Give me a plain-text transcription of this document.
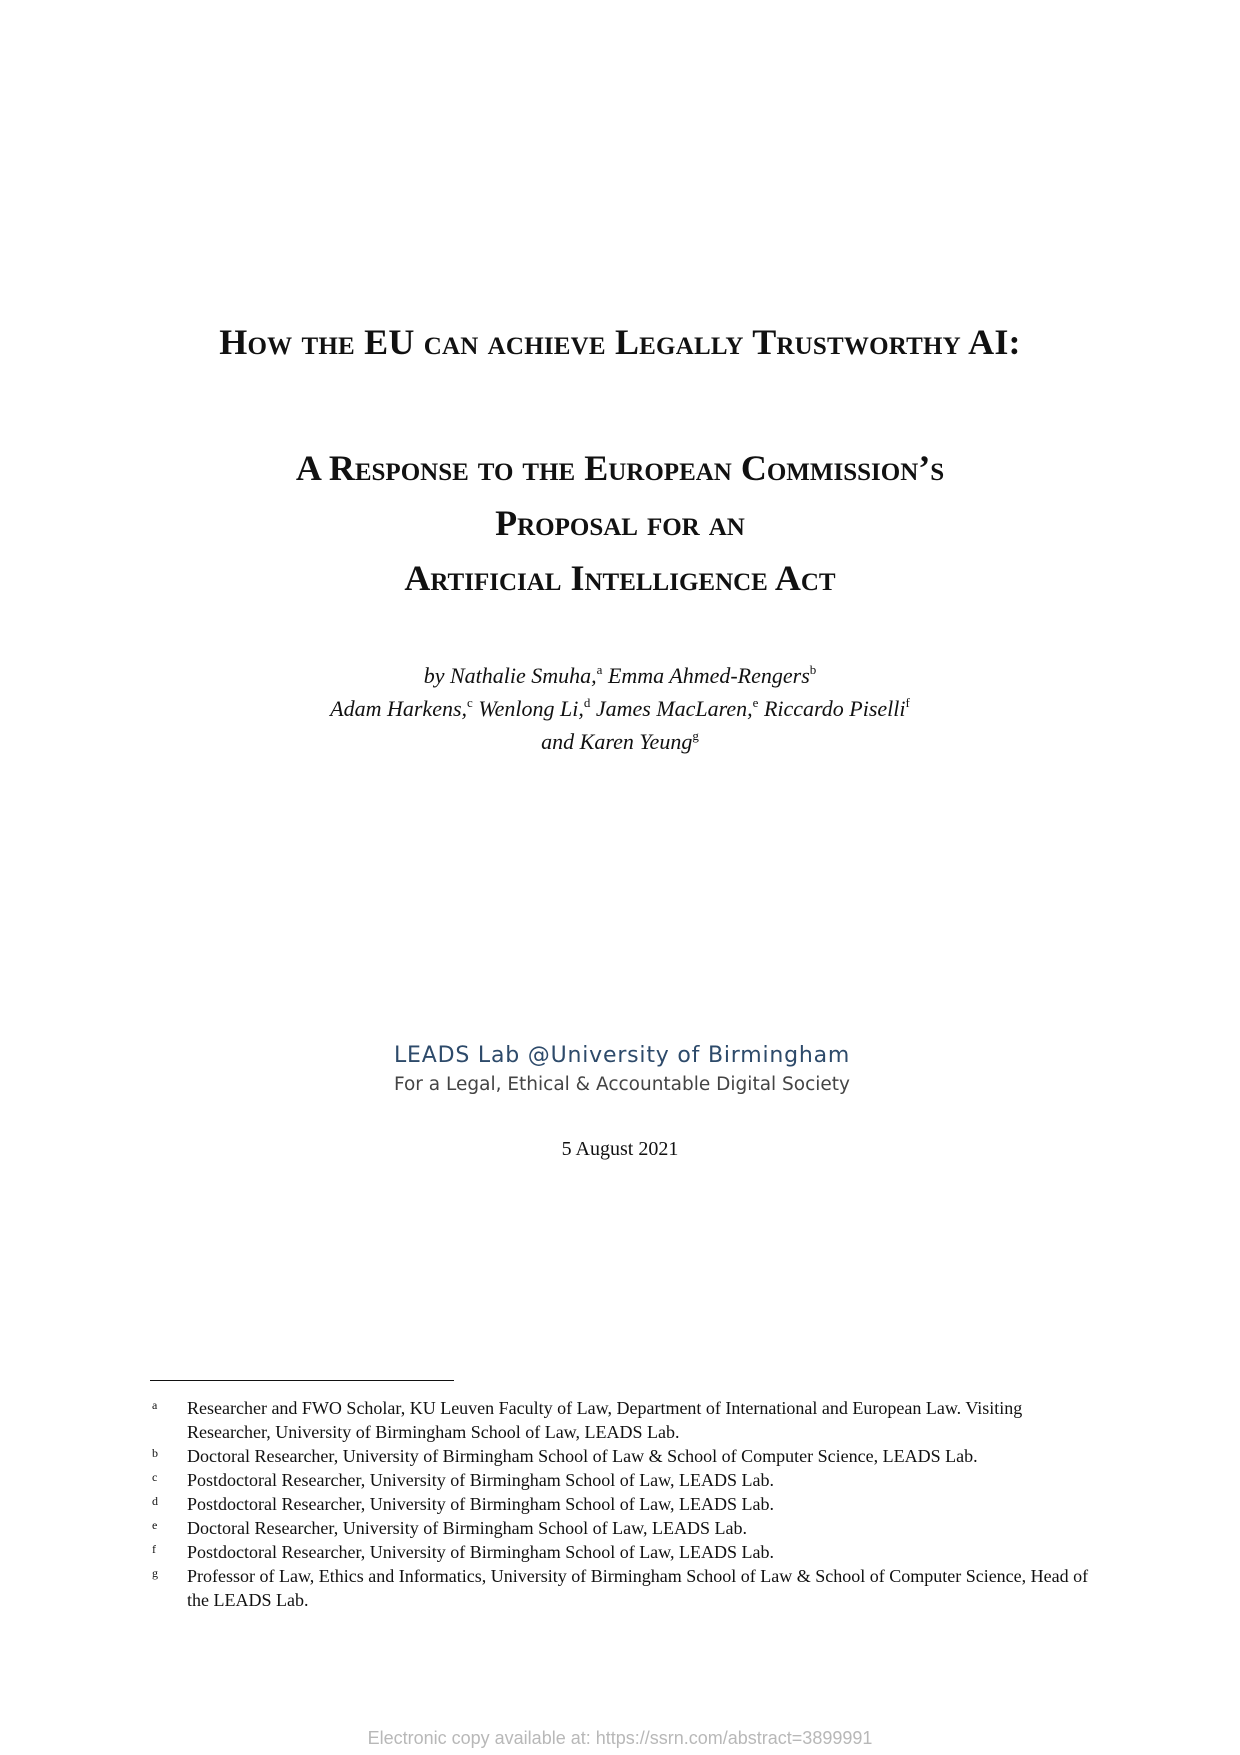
How the EU can achieve Legally Trustworthy AI:
A Response to the European Commission’s
Proposal for an
Artificial Intelligence Act
by Nathalie Smuha,$^a$ Emma Ahmed-Rengers$^b$
Adam Harkens,$^c$ Wenlong Li,$^d$ James MacLaren,$^e$ Riccardo Piselli$^f$
and Karen Yeung$^g$
LEADS Lab @University of Birmingham
For a Legal, Ethical & Accountable Digital Society
5 August 2021
a Researcher and FWO Scholar, KU Leuven Faculty of Law, Department of International and European Law. Visiting Researcher, University of Birmingham School of Law, LEADS Lab.
b Doctoral Researcher, University of Birmingham School of Law & School of Computer Science, LEADS Lab.
c Postdoctoral Researcher, University of Birmingham School of Law, LEADS Lab.
d Postdoctoral Researcher, University of Birmingham School of Law, LEADS Lab.
e Doctoral Researcher, University of Birmingham School of Law, LEADS Lab.
f Postdoctoral Researcher, University of Birmingham School of Law, LEADS Lab.
g Professor of Law, Ethics and Informatics, University of Birmingham School of Law & School of Computer Science, Head of the LEADS Lab.
Electronic copy available at: https://ssrn.com/abstract=3899991
